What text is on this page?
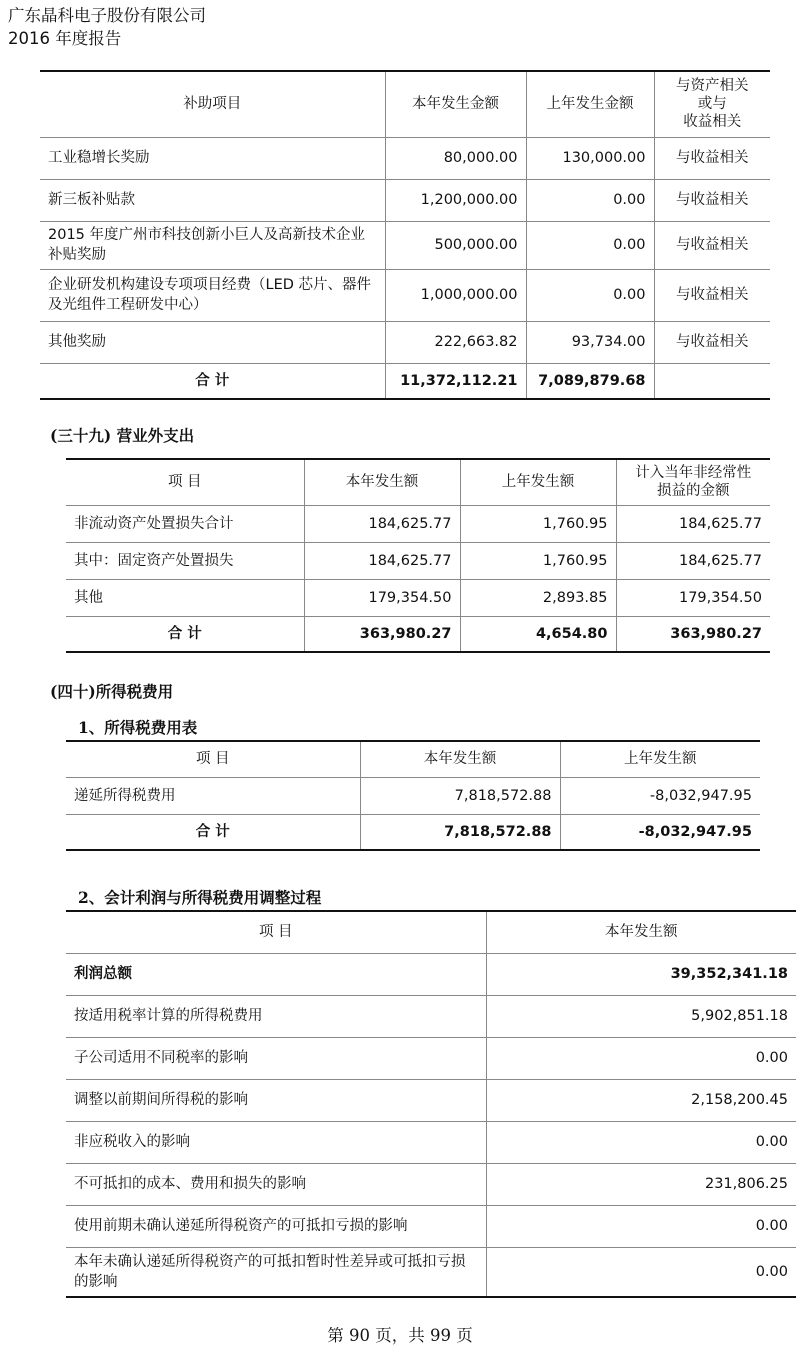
广东晶科电子股份有限公司
2016 年度报告
补助项目	本年发生金额	上年发生金额	与资产相关
或与
收益相关
工业稳增长奖励	80,000.00	130,000.00	与收益相关
新三板补贴款	1,200,000.00	0.00	与收益相关
2015 年度广州市科技创新小巨人及高新技术企业补贴奖励	500,000.00	0.00	与收益相关
企业研发机构建设专项项目经费（LED 芯片、器件及光组件工程研发中心）	1,000,000.00	0.00	与收益相关
其他奖励	222,663.82	93,734.00	与收益相关
合 计	11,372,112.21	7,089,879.68	
(三十九) 营业外支出
项 目	本年发生额	上年发生额	计入当年非经常性
损益的金额
非流动资产处置损失合计	184,625.77	1,760.95	184,625.77
其中：固定资产处置损失	184,625.77	1,760.95	184,625.77
其他	179,354.50	2,893.85	179,354.50
合 计	363,980.27	4,654.80	363,980.27
(四十)所得税费用
1、所得税费用表
项 目	本年发生额	上年发生额
递延所得税费用	7,818,572.88	-8,032,947.95
合 计	7,818,572.88	-8,032,947.95
2、会计利润与所得税费用调整过程
项 目	本年发生额
利润总额	39,352,341.18
按适用税率计算的所得税费用	5,902,851.18
子公司适用不同税率的影响	0.00
调整以前期间所得税的影响	2,158,200.45
非应税收入的影响	0.00
不可抵扣的成本、费用和损失的影响	231,806.25
使用前期未确认递延所得税资产的可抵扣亏损的影响	0.00
本年未确认递延所得税资产的可抵扣暂时性差异或可抵扣亏损的影响	0.00
第 90 页，共 99 页
